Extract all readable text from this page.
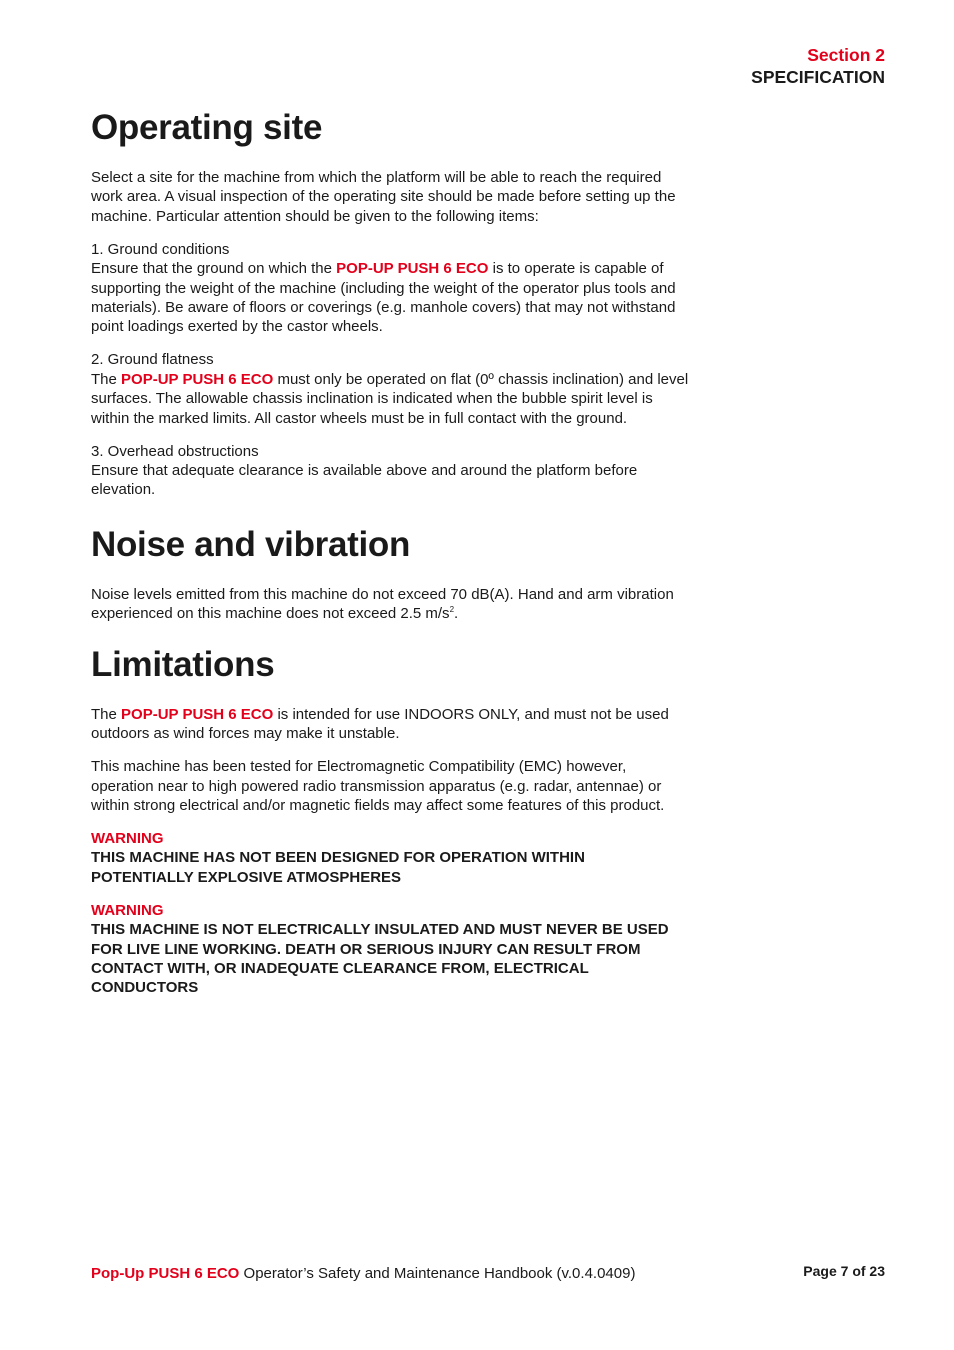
Section 2
SPECIFICATION
Operating site

Select a site for the machine from which the platform will be able to reach the required work area. A visual inspection of the operating site should be made before setting up the machine. Particular attention should be given to the following items:

1. Ground conditions
Ensure that the ground on which the POP-UP PUSH 6 ECO is to operate is capable of supporting the weight of the machine (including the weight of the operator plus tools and materials). Be aware of floors or coverings (e.g. manhole covers) that may not withstand point loadings exerted by the castor wheels.

2. Ground flatness
The POP-UP PUSH 6 ECO must only be operated on flat (0º chassis inclination) and level surfaces. The allowable chassis inclination is indicated when the bubble spirit level is within the marked limits. All castor wheels must be in full contact with the ground.

3. Overhead obstructions
Ensure that adequate clearance is available above and around the platform before elevation.

Noise and vibration

Noise levels emitted from this machine do not exceed 70 dB(A). Hand and arm vibration experienced on this machine does not exceed 2.5 $m/s^2$.

Limitations

The POP-UP PUSH 6 ECO is intended for use INDOORS ONLY, and must not be used outdoors as wind forces may make it unstable.

This machine has been tested for Electromagnetic Compatibility (EMC) however, operation near to high powered radio transmission apparatus (e.g. radar, antennae) or within strong electrical and/or magnetic fields may affect some features of this product.

WARNING
THIS MACHINE HAS NOT BEEN DESIGNED FOR OPERATION WITHIN POTENTIALLY EXPLOSIVE ATMOSPHERES

WARNING
THIS MACHINE IS NOT ELECTRICALLY INSULATED AND MUST NEVER BE USED FOR LIVE LINE WORKING. DEATH OR SERIOUS INJURY CAN RESULT FROM CONTACT WITH, OR INADEQUATE CLEARANCE FROM, ELECTRICAL CONDUCTORS

Pop-Up PUSH 6 ECO Operator’s Safety and Maintenance Handbook (v.0.4.0409)	Page 7 of 23
